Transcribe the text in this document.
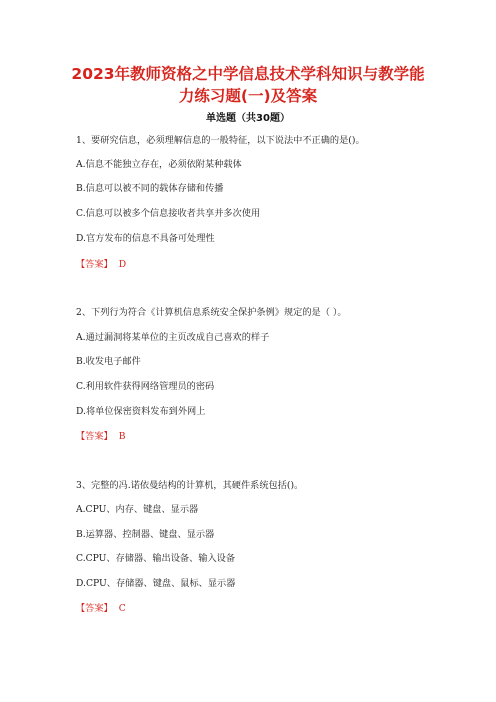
2023年教师资格之中学信息技术学科知识与教学能
力练习题(一)及答案
单选题（共30题）
1、要研究信息，必须理解信息的一般特征，以下说法中不正确的是()。
A.信息不能独立存在，必须依附某种载体
B.信息可以被不同的载体存储和传播
C.信息可以被多个信息接收者共享并多次使用
D.官方发布的信息不具备可处理性
【答案】 D
2、下列行为符合《计算机信息系统安全保护条例》规定的是（ ）。
A.通过漏洞将某单位的主页改成自己喜欢的样子
B.收发电子邮件
C.利用软件获得网络管理员的密码
D.将单位保密资料发布到外网上
【答案】 B
3、完整的冯.诺依曼结构的计算机，其硬件系统包括()。
A.CPU、内存、键盘、显示器
B.运算器、控制器、键盘、显示器
C.CPU、存储器、输出设备、输入设备
D.CPU、存储器、键盘、鼠标、显示器
【答案】 C
